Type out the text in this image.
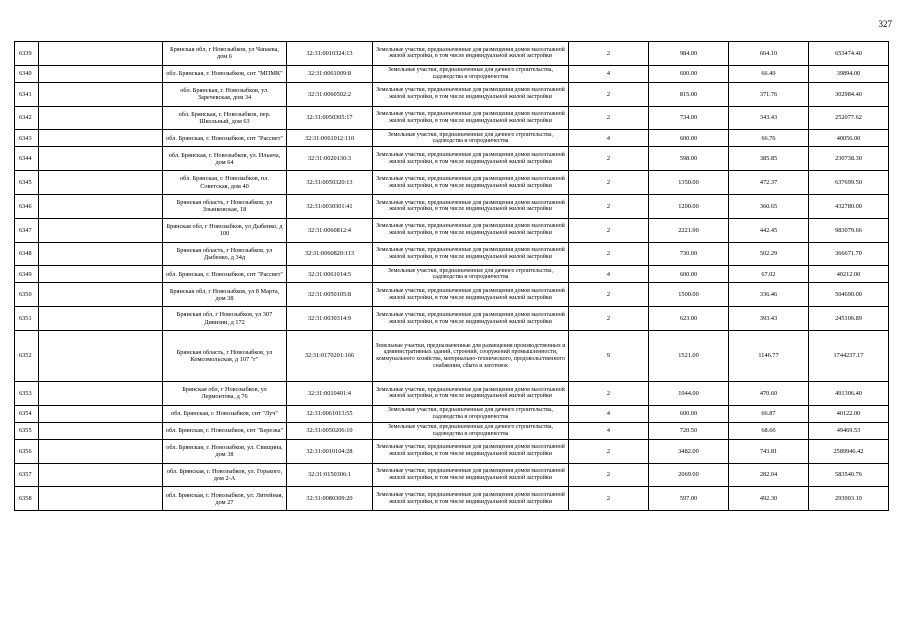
327
6339		Брянская обл, г Новозыбков, ул Чапаева, дом 6	32:31:0010324:13	Земельные участки, предназначенные для размещения домов малоэтажной жилой застройки, в том числе индивидуальной жилой застройки	2	984.00	664.10	653474.40
6340		обл. Брянская, г. Новозыбков, снт "МПМК"	32:31:0061009:8	Земельные участки, предназначенные для дачного строительства, садоводства и огородничества	4	600.00	66.49	39894.00
6341		обл. Брянская, г. Новозыбков, ул. Заречевская, дом 34	32:31:0060502:2	Земельные участки, предназначенные для размещения домов малоэтажной жилой застройки, в том числе индивидуальной жилой застройки	2	815.00	371.76	302984.40
6342		обл. Брянская, г. Новозыбков, пер. Школьный, дом 63	32:31:0050305:17	Земельные участки, предназначенные для размещения домов малоэтажной жилой застройки, в том числе индивидуальной жилой застройки	2	734.00	343.43	252077.62
6343		обл. Брянская, г. Новозыбков, снт "Рассвет"	32:31:0061012:110	Земельные участки, предназначенные для дачного строительства, садоводства и огородничества	4	600.00	66.76	40056.00
6344		обл. Брянская, г. Новозыбков, ул. Ильича, дом 64	32:31:0020130:3	Земельные участки, предназначенные для размещения домов малоэтажной жилой застройки, в том числе индивидуальной жилой застройки	2	598.00	385.85	230738.30
6345		обл. Брянская, г. Новозыбков, пл. Советская, дом 40	32:31:0050320:13	Земельные участки, предназначенные для размещения домов малоэтажной жилой застройки, в том числе индивидуальной жилой застройки	2	1350.00	472.37	637699.50
6346		Брянская область, г Новозыбков, ул Злынковская, 18	32:31:0030301:41	Земельные участки, предназначенные для размещения домов малоэтажной жилой застройки, в том числе индивидуальной жилой застройки	2	1200.00	360.65	432780.00
6347		Брянская обл, г Новозыбков, ул Дыбенко, д 100	32:31:0060812:4	Земельные участки, предназначенные для размещения домов малоэтажной жилой застройки, в том числе индивидуальной жилой застройки	2	2221.90	442.45	983079.66
6348		Брянская область, г Новозыбков, ул Дыбенко, д 34д	32:31:0060820:113	Земельные участки, предназначенные для размещения домов малоэтажной жилой застройки, в том числе индивидуальной жилой застройки	2	730.00	502.29	366671.70
6349		обл. Брянская, г. Новозыбков, снт "Рассвет"	32:31:0061014:5	Земельные участки, предназначенные для дачного строительства, садоводства и огородничества	4	600.00	67.02	40212.00
6350		Брянская обл, г Новозыбков, ул 8 Марта, дом 38	32:31:0050105:8	Земельные участки, предназначенные для размещения домов малоэтажной жилой застройки, в том числе индивидуальной жилой застройки	2	1500.00	336.46	504690.00
6351		Брянская обл, г Новозыбков, ул 307 Дивизии, д 172	32:31:0030314:9	Земельные участки, предназначенные для размещения домов малоэтажной жилой застройки, в том числе индивидуальной жилой застройки	2	623.00	393.43	245106.89
6352		Брянская область, г Новозыбков, ул Комсомольская, д 107 "г"	32:31:0170201:166	Земельные участки, предназначенные для размещения производственных и административных зданий, строений, сооружений промышленности, коммунального хозяйства, материально-технического, продовольственного снабжения, сбыта и заготовок	9	1521.00	1146.77	1744237.17
6353		Брянская обл, г Новозыбков, ул Лермонтова, д 76	32:31:0010401:4	Земельные участки, предназначенные для размещения домов малоэтажной жилой застройки, в том числе индивидуальной жилой застройки	2	1044.00	470.60	491306.40
6354		обл. Брянская, г. Новозыбков, снт "Луч"	32:31:0061013:55	Земельные участки, предназначенные для дачного строительства, садоводства и огородничества	4	600.00	66.87	40122.00
6355		обл. Брянская, г. Новозыбков, снт "Березка"	32:31:0050206:10	Земельные участки, предназначенные для дачного строительства, садоводства и огородничества	4	720.50	68.66	49469.53
6356		обл. Брянская, г. Новозыбков, ул. Свищина, дом 38	32:31:0010104:28	Земельные участки, предназначенные для размещения домов малоэтажной жилой застройки, в том числе индивидуальной жилой застройки	2	3482.00	743.81	2589946.42
6357		обл. Брянская, г. Новозыбков, ул. Горького, дом 2-А	32:31:0150306:1	Земельные участки, предназначенные для размещения домов малоэтажной жилой застройки, в том числе индивидуальной жилой застройки	2	2069.00	282.04	583540.76
6358		обл. Брянская, г. Новозыбков, ул. Литейная, дом 27	32:31:0080309:20	Земельные участки, предназначенные для размещения домов малоэтажной жилой застройки, в том числе индивидуальной жилой застройки	2	597.00	492.30	293903.10
